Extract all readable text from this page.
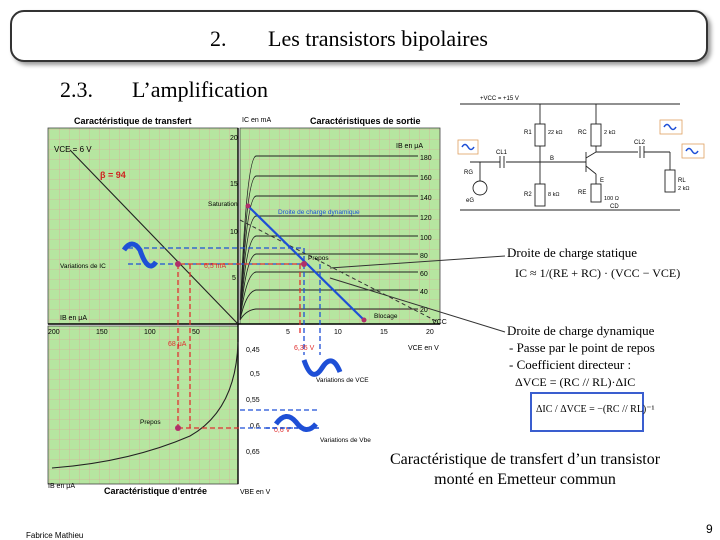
2. Les transistors bipolaires
2.3. L’amplification
Caractéristique de transfert	Caractéristiques de sortie
Caractéristique d’entrée
IC en mA
IB en μA
IB en μA
VCE en V
VBE en V
IB en μA
20
15
10
5
180
160
140
120
100
80
60
40
20
5	10	15	20
200	150	100	50
0,45
0,5
0,55
0,6
0,65
VCE = 6 V
β = 94
VCC
Droite de charge dynamique
Saturation
Blocage
Prepos
Prepos
6,5 mA
68 μA
6,35 V
0,6 V
Variations de IC
Variations de VCE
Variations de Vbe
+VCC = +15 V
R1	22 kΩ	RC	2 kΩ
R2	8 kΩ	RE
100 Ω
RG
RL
2 kΩ
CL1
CL2
CD
eG
B
E
Droite de charge statique
IC ≈ 1/(RE + RC) · (VCC − VCE)
Droite de charge dynamique
- Passe par le point de repos
- Coefficient directeur :
ΔVCE = (RC // RL)·ΔIC
ΔIC / ΔVCE = −(RC // RL)⁻¹
Caractéristique de transfert d’un transistor
monté en Emetteur commun
Fabrice Mathieu	9
